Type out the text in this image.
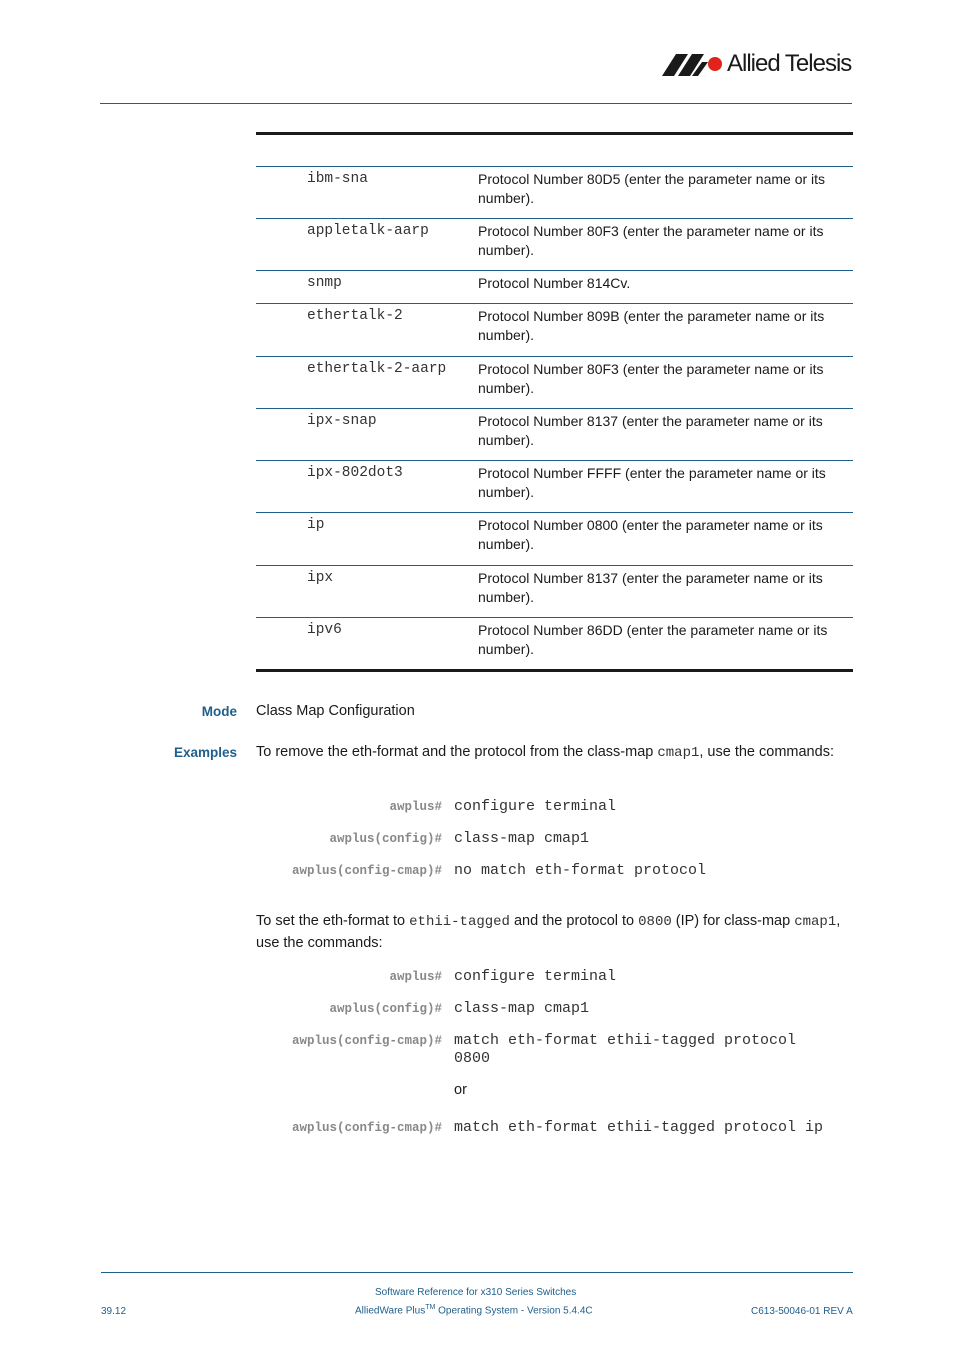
Allied Telesis
ibm-sna	Protocol Number 80D5 (enter the parameter name or its number).
appletalk-aarp	Protocol Number 80F3 (enter the parameter name or its number).
snmp	Protocol Number 814Cv.
ethertalk-2	Protocol Number 809B (enter the parameter name or its number).
ethertalk-2-aarp	Protocol Number 80F3 (enter the parameter name or its number).
ipx-snap	Protocol Number 8137 (enter the parameter name or its number).
ipx-802dot3	Protocol Number FFFF (enter the parameter name or its number).
ip	Protocol Number 0800 (enter the parameter name or its number).
ipx	Protocol Number 8137 (enter the parameter name or its number).
ipv6	Protocol Number 86DD (enter the parameter name or its number).
Mode Class Map Configuration
Examples To remove the eth-format and the protocol from the class-map cmap1, use the commands:
awplus# configure terminal
awplus(config)# class-map cmap1
awplus(config-cmap)# no match eth-format protocol
To set the eth-format to ethii-tagged and the protocol to 0800 (IP) for class-map cmap1, use the commands:
awplus# configure terminal
awplus(config)# class-map cmap1
awplus(config-cmap)# match eth-format ethii-tagged protocol 0800
or
awplus(config-cmap)# match eth-format ethii-tagged protocol ip
Software Reference for x310 Series Switches
39.12	AlliedWare Plus™ Operating System - Version 5.4.4C	C613-50046-01 REV A
